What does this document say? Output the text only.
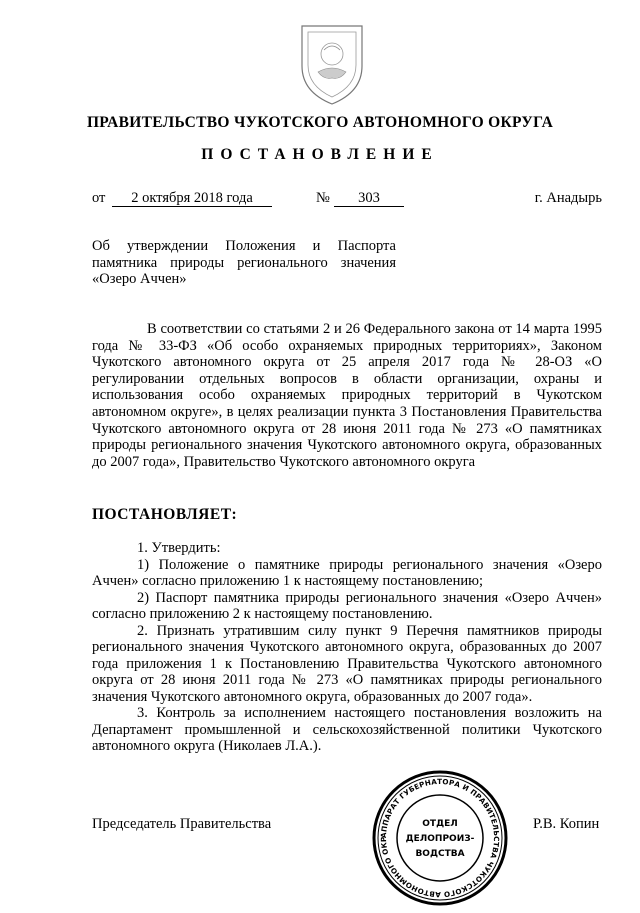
ПРАВИТЕЛЬСТВО ЧУКОТСКОГО АВТОНОМНОГО ОКРУГА
ПОСТАНОВЛЕНИЕ
от	2 октября 2018 года	№	303	г. Анадырь
Об утверждении Положения и Паспорта памятника природы регионального значения «Озеро Аччен»

В соответствии со статьями 2 и 26 Федерального закона от 14 марта 1995 года № 33-ФЗ «Об особо охраняемых природных территориях», Законом Чукотского автономного округа от 25 апреля 2017 года № 28-ОЗ «О регулировании отдельных вопросов в области организации, охраны и использования особо охраняемых природных территорий в Чукотском автономном округе», в целях реализации пункта 3 Постановления Правительства Чукотского автономного округа от 28 июня 2011 года № 273 «О памятниках природы регионального значения Чукотского автономного округа, образованных до 2007 года», Правительство Чукотского автономного округа

ПОСТАНОВЛЯЕТ:

1. Утвердить:

1) Положение о памятнике природы регионального значения «Озеро Аччен» согласно приложению 1 к настоящему постановлению;

2) Паспорт памятника природы регионального значения «Озеро Аччен» согласно приложению 2 к настоящему постановлению.

2. Признать утратившим силу пункт 9 Перечня памятников природы регионального значения Чукотского автономного округа, образованных до 2007 года приложения 1 к Постановлению Правительства Чукотского автономного округа от 28 июня 2011 года № 273 «О памятниках природы регионального значения Чукотского автономного округа, образованных до 2007 года».

3. Контроль за исполнением настоящего постановления возложить на Департамент промышленной и сельскохозяйственной политики Чукотского автономного округа (Николаев Л.А.).

Председатель Правительства	Р.В. Копин
АППАРАТ ГУБЕРНАТОРА И ПРАВИТЕЛЬСТВА ЧУКОТСКОГО АВТОНОМНОГО ОКР
ОТДЕЛ
ДЕЛОПРОИЗ-
ВОДСТВА
